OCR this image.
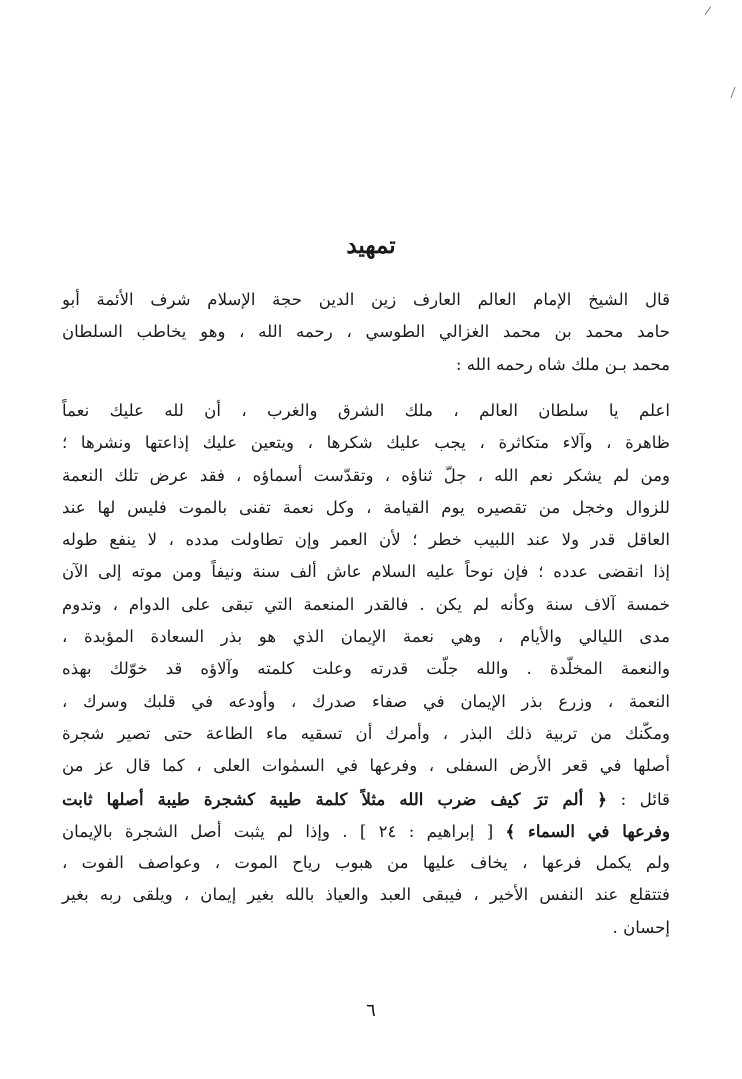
تمهيد
قال الشيخ الإمام العالم العارف زين الدين حجة الإسلام شرف الأئمة أبو
حامد محمد بن محمد الغزالي الطوسي ، رحمه الله ، وهو يخاطب السلطان
محمد بـن ملك شاه رحمه الله :
اعلم يا سلطان العالم ، ملك الشرق والغرب ، أن لله عليك نعماً
ظاهرة ، وآلاء متكاثرة ، يجب عليك شكرها ، ويتعين عليك إذاعتها ونشرها ؛
ومن لم يشكر نعم الله ، جلّ ثناؤه ، وتقدّست أسماؤه ، فقد عرض تلك النعمة
للزوال وخجل من تقصيره يوم القيامة ، وكل نعمة تفنى بالموت فليس لها عند
العاقل قدر ولا عند اللبيب خطر ؛ لأن العمر وإن تطاولت مدده ، لا ينفع طوله
إذا انقضى عدده ؛ فإن نوحاً عليه السلام عاش ألف سنة ونيفاً ومن موته إلى الآن
خمسة آلاف سنة وكأنه لم يكن . فالقدر المنعمة التي تبقى على الدوام ، وتدوم
مدى الليالي والأيام ، وهي نعمة الإيمان الذي هو بذر السعادة المؤبدة ،
والنعمة المخلّدة . والله جلّت قدرته وعلت كلمته وآلاؤه قد خوّلك بهذه
النعمة ، وزرع بذر الإيمان في صفاء صدرك ، وأودعه في قلبك وسرك ،
ومكّنك من تربية ذلك البذر ، وأمرك أن تسقيه ماء الطاعة حتى تصير شجرة
أصلها في قعر الأرض السفلى ، وفرعها في السمٰوات العلى ، كما قال عز من
قائل : ﴿ ألم ترَ كيف ضرب الله مثلاً كلمة طيبة كشجرة طيبة أصلها ثابت
وفرعها في السماء ﴾ [ إبراهيم : ٢٤ ] . وإذا لم يثبت أصل الشجرة بالإيمان
ولم يكمل فرعها ، يخاف عليها من هبوب رياح الموت ، وعواصف الفوت ،
فتتقلع عند النفس الأخير ، فيبقى العبد والعياذ بالله بغير إيمان ، ويلقى ربه بغير
إحسان .
٦
